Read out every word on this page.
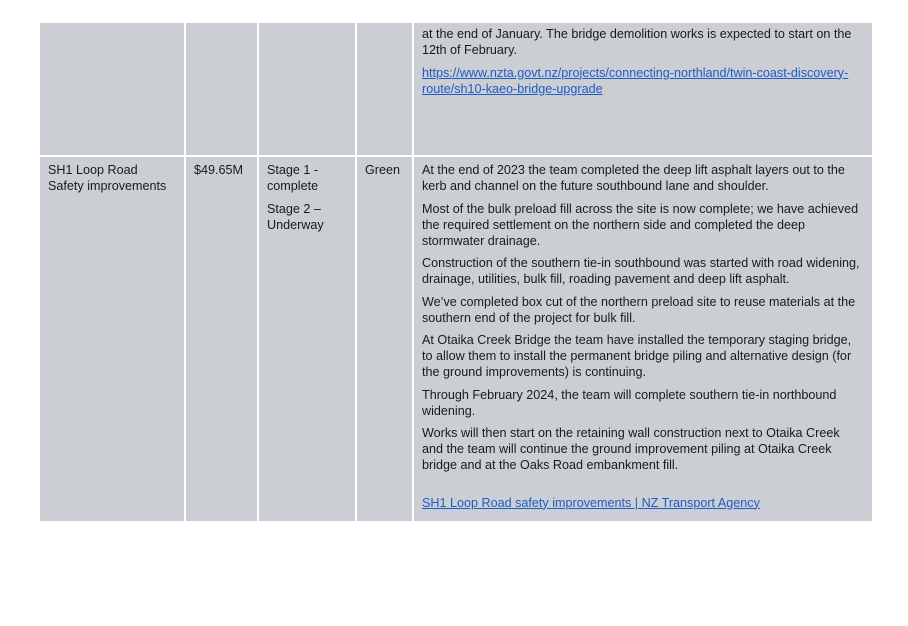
at the end of January. The bridge demolition works is expected to start on the 12th of February.

https://www.nzta.govt.nz/projects/connecting-northland/twin-coast-discovery-route/sh10-kaeo-bridge-upgrade

SH1 Loop Road Safety improvements
$49.65M	Stage 1 - complete

Stage 2 – Underway

Green	At the end of 2023 the team completed the deep lift asphalt layers out to the kerb and channel on the future southbound lane and shoulder.

Most of the bulk preload fill across the site is now complete; we have achieved the required settlement on the northern side and completed the deep stormwater drainage.

Construction of the southern tie-in southbound was started with road widening, drainage, utilities, bulk fill, roading pavement and deep lift asphalt.

We’ve completed box cut of the northern preload site to reuse materials at the southern end of the project for bulk fill.

At Otaika Creek Bridge the team have installed the temporary staging bridge, to allow them to install the permanent bridge piling and alternative design (for the ground improvements) is continuing.

Through February 2024, the team will complete southern tie-in northbound widening.

Works will then start on the retaining wall construction next to Otaika Creek and the team will continue the ground improvement piling at Otaika Creek bridge and at the Oaks Road embankment fill.

SH1 Loop Road safety improvements | NZ Transport Agency
